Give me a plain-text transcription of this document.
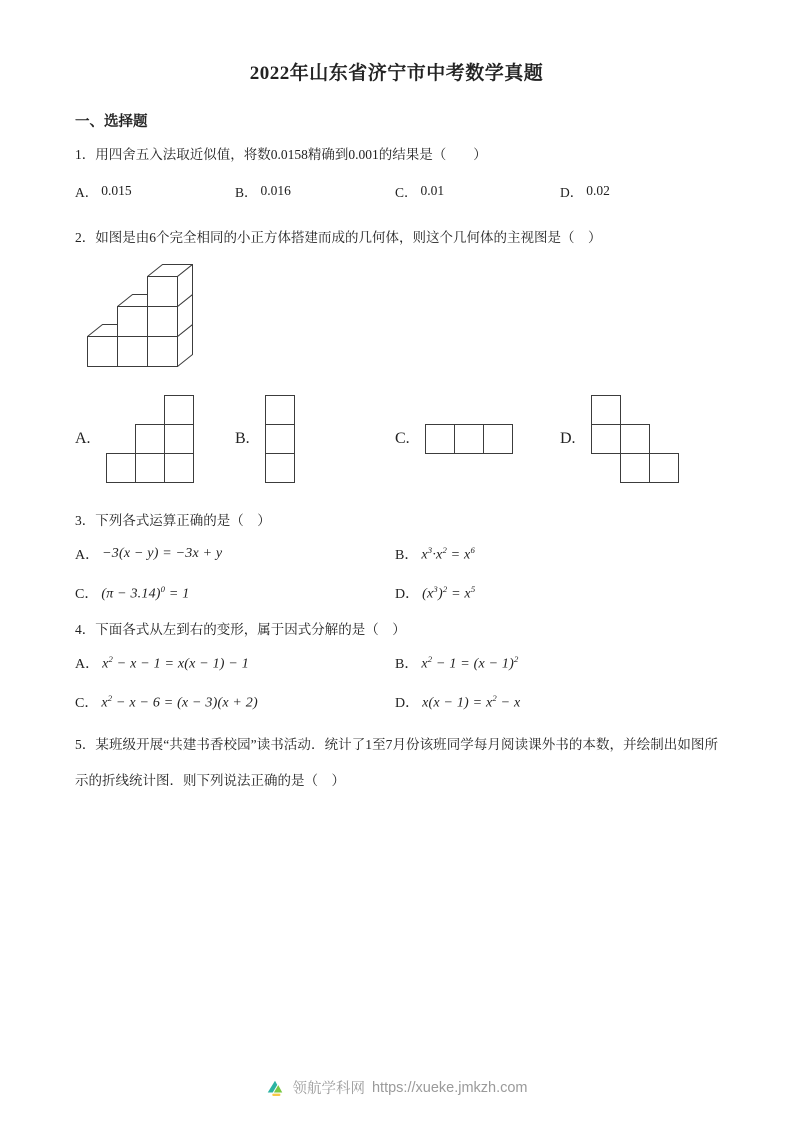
2022年山东省济宁市中考数学真题
一、选择题

1．用四舍五入法取近似值，将数0.0158精确到0.001的结果是（　　）

A． 0.015	B． 0.016	C． 0.01	D． 0.02

2．如图是由6个完全相同的小正方体搭建而成的几何体，则这个几何体的主视图是（　）

A.	B.	C.	D.

3．下列各式运算正确的是（　）

A． −3(x − y) = −3x + y	B． $x^3\cdot x^2 = x^6$
C． $(\pi - 3.14)^0 = 1$	D． $(x^3)^2 = x^5$

4．下面各式从左到右的变形，属于因式分解的是（　）

A． $x^2 - x - 1 = x(x - 1) - 1$	B． $x^2 - 1 = (x - 1)^2$
C． $x^2 - x - 6 = (x - 3)(x + 2)$	D． $x(x - 1) = x^2 - x$

5．某班级开展“共建书香校园”读书活动．统计了1至7月份该班同学每月阅读课外书的本数，并绘制出如图所示的折线统计图．则下列说法正确的是（　）

领航学科网 https://xueke.jmkzh.com
